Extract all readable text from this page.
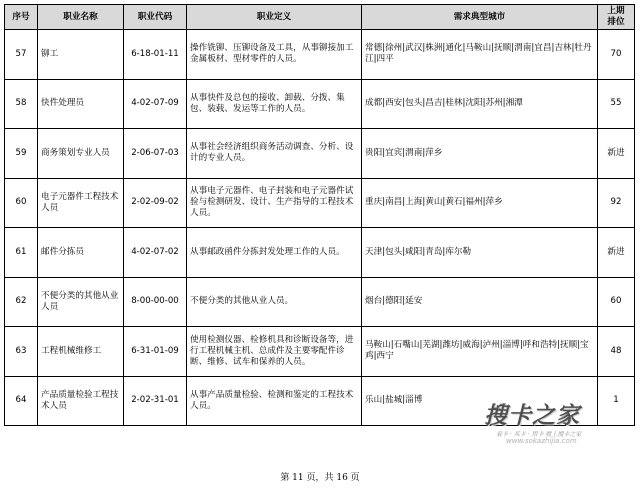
序号	职业名称	职业代码	职业定义	需求典型城市	上期
排位
57	铆工	6-18-01-11	操作铣铆、压铆设备及工具，从事铆接加工金属板材、型材零件的人员。	常德|徐州|武汉|株洲|通化|马鞍山|抚顺|渭南|宜昌|吉林|牡丹江|四平	70
58	快件处理员	4-02-07-09	从事快件及总包的接收、卸载、分拨、集包、装载、发运等工作的人员。	成都|西安|包头|昌吉|桂林|沈阳|苏州|湘潭	55
59	商务策划专业人员	2-06-07-03	从事社会经济组织商务活动调查、分析、设计的专业人员。	贵阳|宜宾|渭南|萍乡	新进
60	电子元器件工程技术人员	2-02-09-02	从事电子元器件、电子封装和电子元器件试验与检测研发、设计、生产指导的工程技术人员。	重庆|南昌|上海|黄山|黄石|福州|萍乡	92
61	邮件分拣员	4-02-07-02	从事邮政函件分拣封发处理工作的人员。	天津|包头|咸阳|青岛|库尔勒	新进
62	不便分类的其他从业人员	8-00-00-00	不便分类的其他从业人员。	烟台|德阳|延安	60
63	工程机械维修工	6-31-01-09	使用检测仪器、检修机具和诊断设备等，进行工程机械主机、总成件及主要零配件诊断、维修、试车和保养的人员。	马鞍山|石嘴山|芜湖|潍坊|威海|泸州|淄博|呼和浩特|抚顺|宝鸡|西宁	48
64	产品质量检验工程技术人员	2-02-31-01	从事产品质量检验、检测和鉴定的工程技术人员。	乐山|盐城|淄博	1
第 11 页，共 16 页
搜卡之家
看卡 · 买卡 · 用卡 就上搜卡之家
www.sokazhijia.com
